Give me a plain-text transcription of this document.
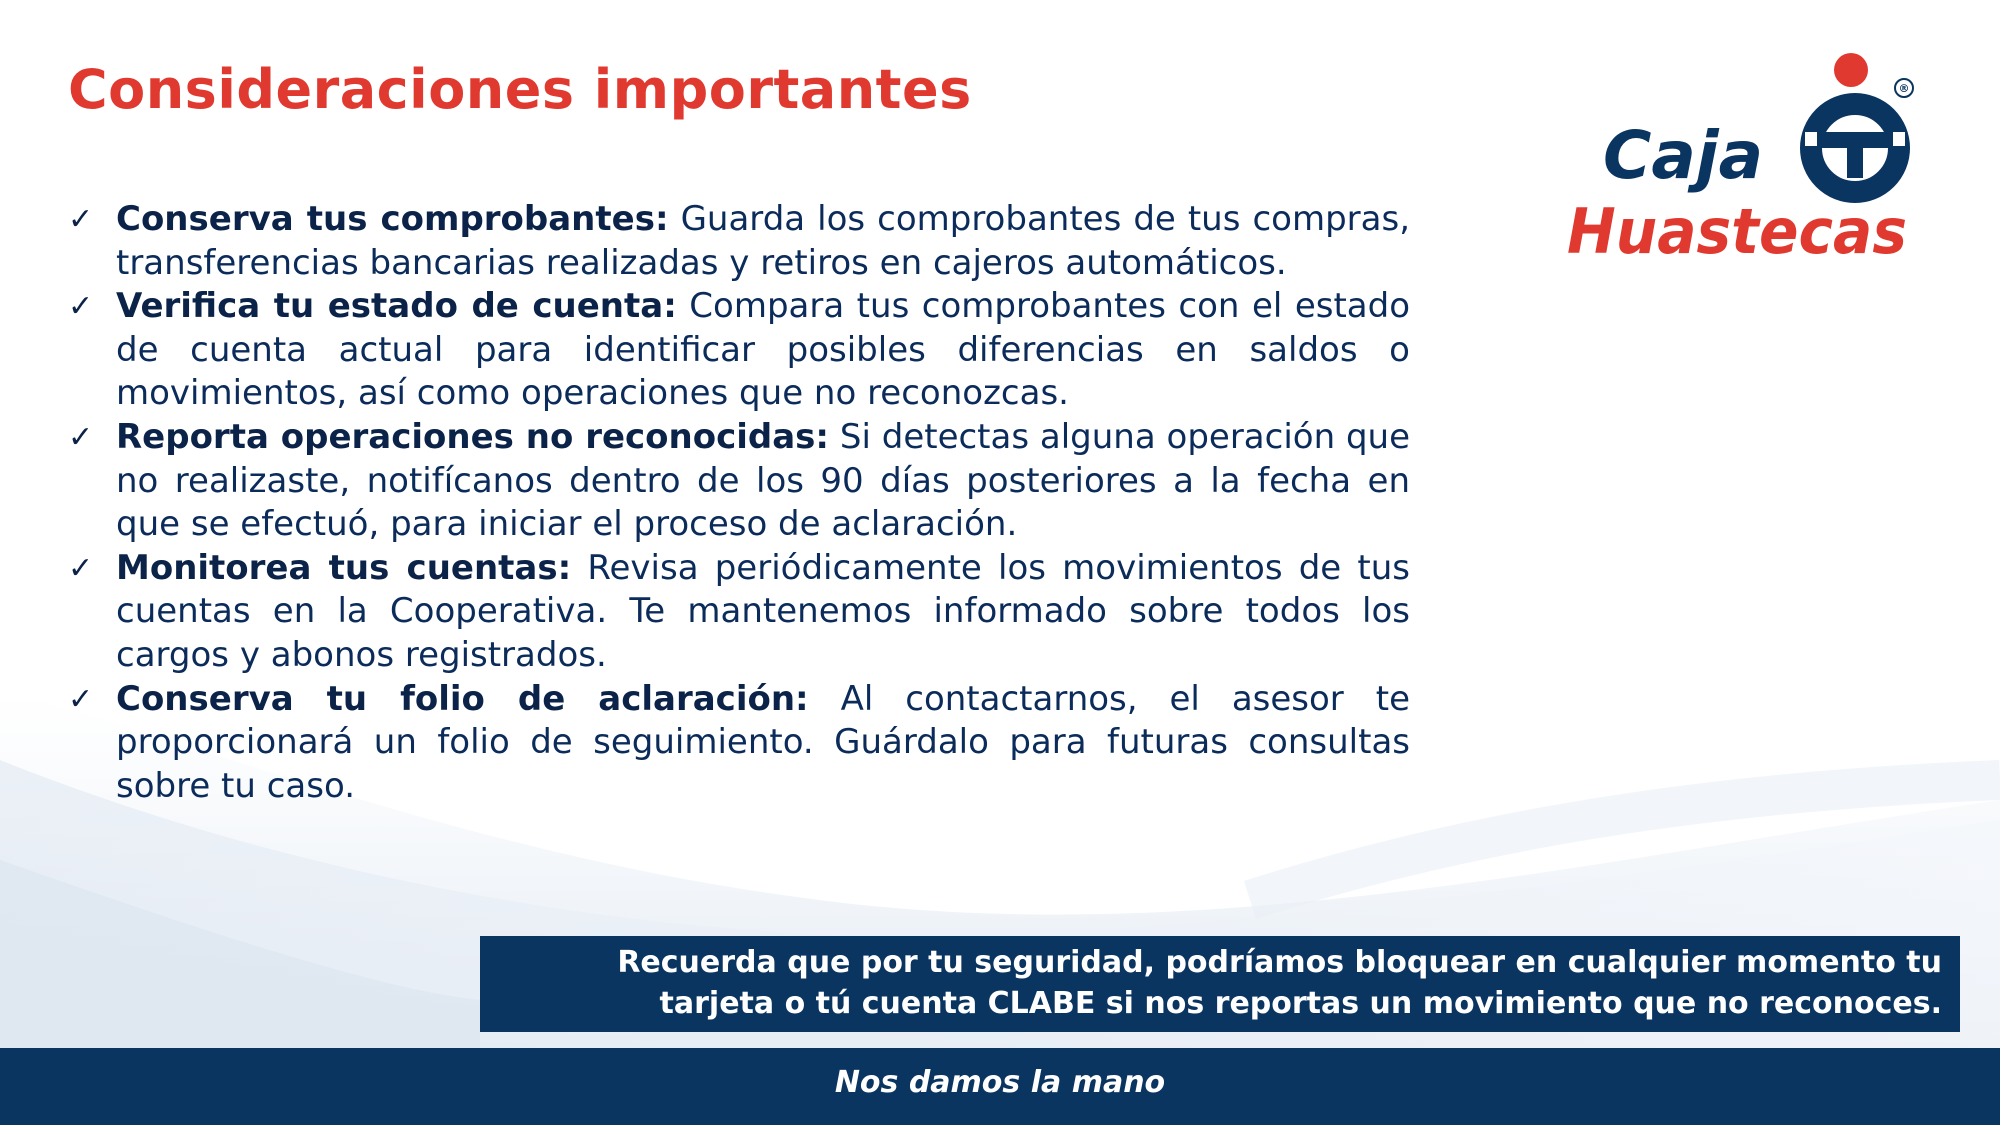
Consideraciones importantes	®
Caja
Huastecas
✓ Conserva tus comprobantes: Guarda los comprobantes de tus compras, transferencias bancarias realizadas y retiros en cajeros automáticos.
✓ Verifica tu estado de cuenta: Compara tus comprobantes con el estado de cuenta actual para identificar posibles diferencias en saldos o movimientos, así como operaciones que no reconozcas.
✓ Reporta operaciones no reconocidas: Si detectas alguna operación que no realizaste, notifícanos dentro de los 90 días posteriores a la fecha en que se efectuó, para iniciar el proceso de aclaración.
✓ Monitorea tus cuentas: Revisa periódicamente los movimientos de tus cuentas en la Cooperativa. Te mantenemos informado sobre todos los cargos y abonos registrados.
✓ Conserva tu folio de aclaración: Al contactarnos, el asesor te proporcionará un folio de seguimiento. Guárdalo para futuras consultas sobre tu caso.
Recuerda que por tu seguridad, podríamos bloquear en cualquier momento tu
tarjeta o tú cuenta CLABE si nos reportas un movimiento que no reconoces.
Nos damos la mano
